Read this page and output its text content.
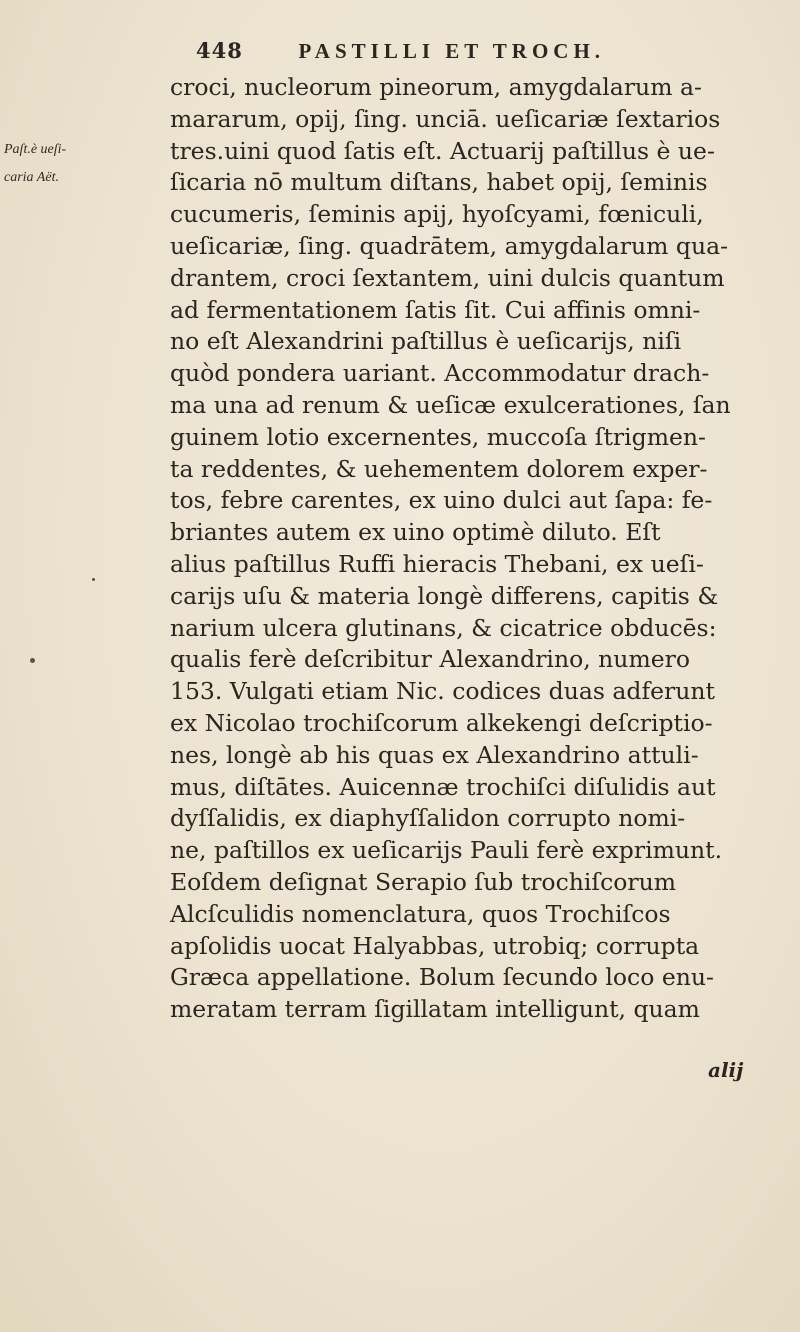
448	PASTILLI ET TROCH.
Paſt.è ueſi-
caria Aët.
croci, nucleorum pineorum, amygdalarum a-
mararum, opij, ſing. unciā. ueſicariæ ſextarios
tres.uini quod ſatis eſt. Actuarij paſtillus è ue-
ſicaria nō multum diſtans, habet opij, ſeminis
cucumeris, ſeminis apij, hyoſcyami, fœniculi,
ueſicariæ, ſing. quadrātem, amygdalarum qua-
drantem, croci ſextantem, uini dulcis quantum
ad fermentationem ſatis ſit. Cui affinis omni-
no eſt Alexandrini paſtillus è ueſicarijs, niſi
quòd pondera uariant. Accommodatur drach-
ma una ad renum & ueſicæ exulcerationes, ſan
guinem lotio excernentes, muccoſa ſtrigmen-
ta reddentes, & uehementem dolorem exper-
tos, febre carentes, ex uino dulci aut ſapa: fe-
briantes autem ex uino optimè diluto. Eſt
alius paſtillus Ruffi hieracis Thebani, ex ueſi-
carijs uſu & materia longè differens, capitis &
narium ulcera glutinans, & cicatrice obducēs:
qualis ferè deſcribitur Alexandrino, numero
153. Vulgati etiam Nic. codices duas adferunt
ex Nicolao trochiſcorum alkekengi deſcriptio-
nes, longè ab his quas ex Alexandrino attuli-
mus, diſtātes. Auicennæ trochiſci diſulidis aut
dyſſalidis, ex diaphyſſalidon corrupto nomi-
ne, paſtillos ex ueſicarijs Pauli ferè exprimunt.
Eoſdem deſignat Serapio ſub trochiſcorum
Alcſculidis nomenclatura, quos Trochiſcos
apſolidis uocat Halyabbas, utrobiq; corrupta
Græca appellatione. Bolum ſecundo loco enu-
meratam terram ſigillatam intelligunt, quam
alij
